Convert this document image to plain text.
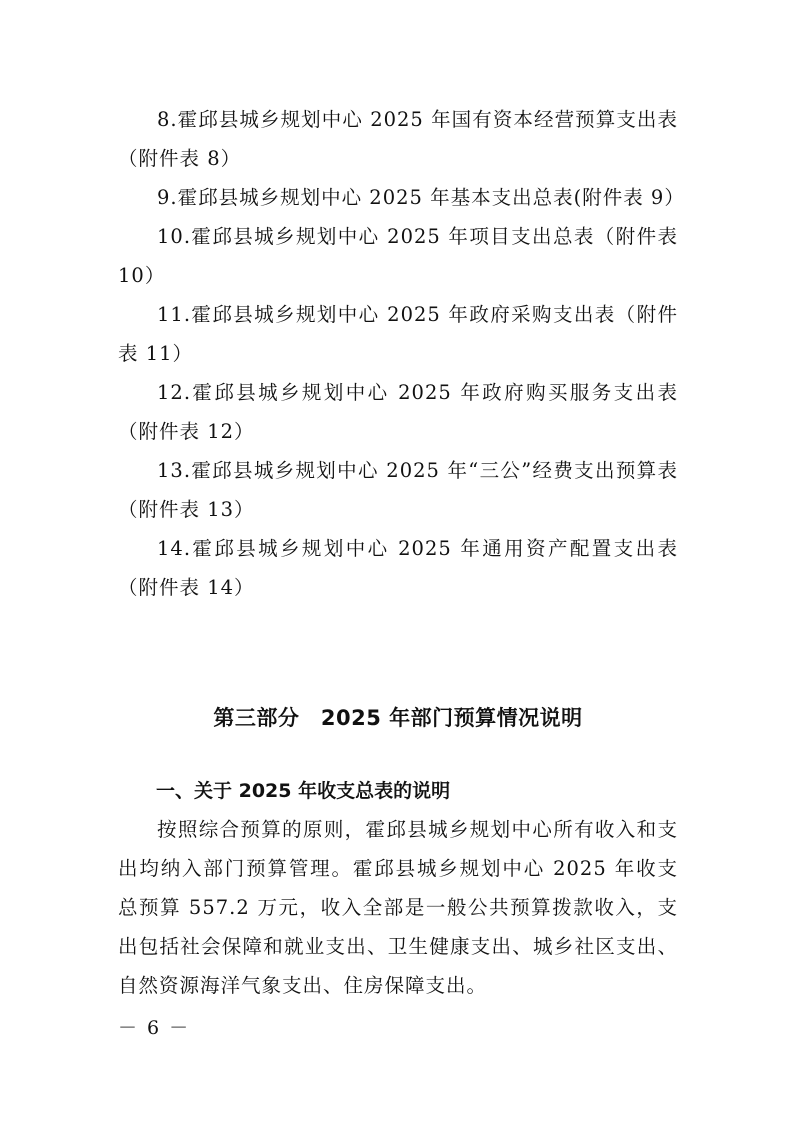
8.霍邱县城乡规划中心 2025 年国有资本经营预算支出表（附件表 8）

9.霍邱县城乡规划中心 2025 年基本支出总表(附件表 9）

10.霍邱县城乡规划中心 2025 年项目支出总表（附件表 10）

11.霍邱县城乡规划中心 2025 年政府采购支出表（附件表 11）

12.霍邱县城乡规划中心 2025 年政府购买服务支出表（附件表 12）

13.霍邱县城乡规划中心 2025 年“三公”经费支出预算表（附件表 13）

14.霍邱县城乡规划中心 2025 年通用资产配置支出表（附件表 14）

第三部分　2025 年部门预算情况说明
一、关于 2025 年收支总表的说明

按照综合预算的原则，霍邱县城乡规划中心所有收入和支出均纳入部门预算管理。霍邱县城乡规划中心 2025 年收支总预算 557.2 万元，收入全部是一般公共预算拨款收入，支出包括社会保障和就业支出、卫生健康支出、城乡社区支出、自然资源海洋气象支出、住房保障支出。

－ 6 －
